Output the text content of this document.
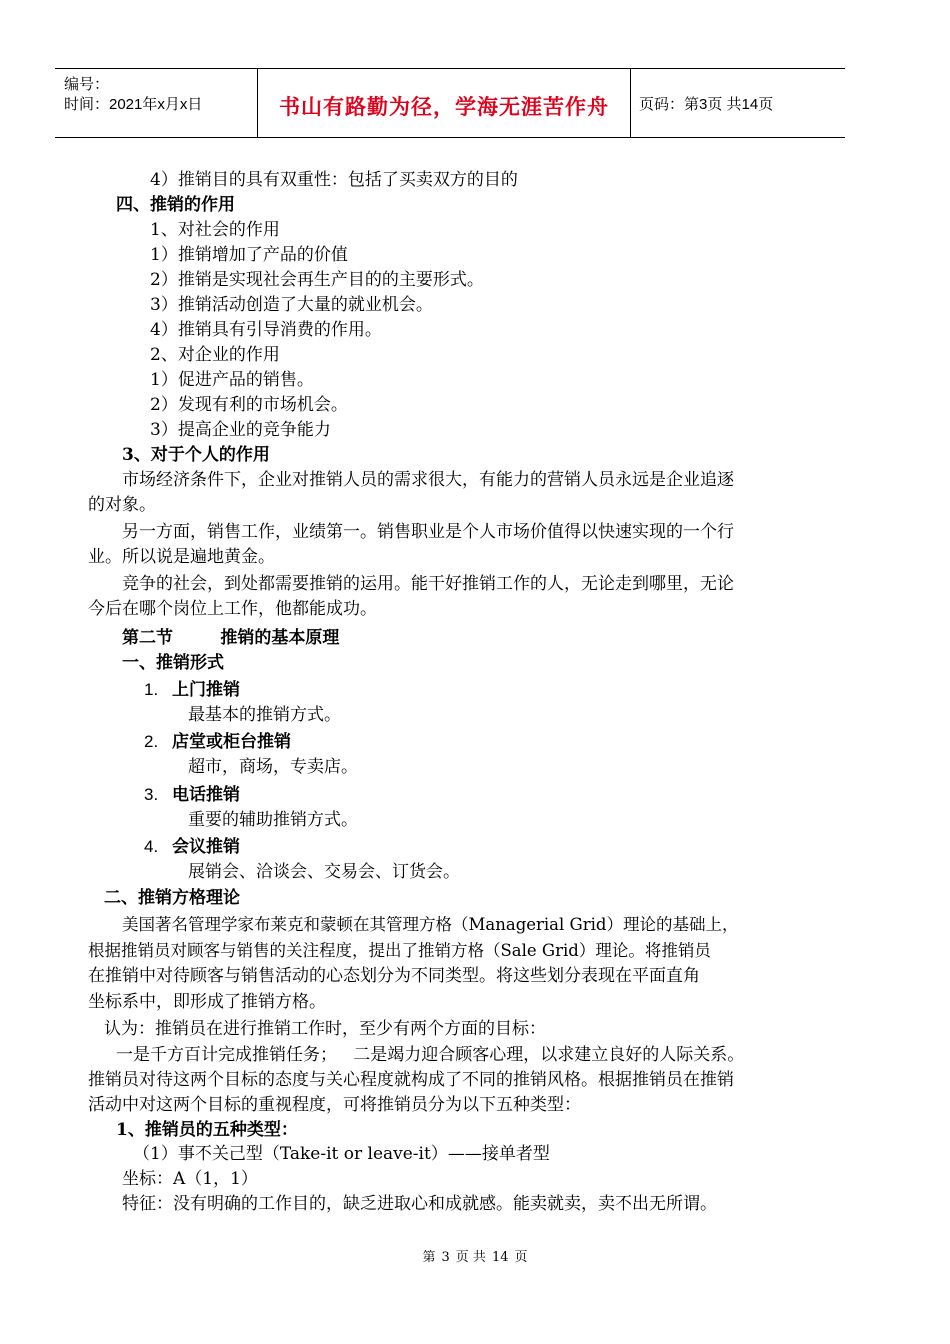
编号：
时间：2021年x月x日	书山有路勤为径，学海无涯苦作舟	页码：第3页 共14页
4）推销目的具有双重性：包括了买卖双方的目的
四、推销的作用
1、对社会的作用
1）推销增加了产品的价值
2）推销是实现社会再生产目的的主要形式。
3）推销活动创造了大量的就业机会。
4）推销具有引导消费的作用。
2、对企业的作用
1）促进产品的销售。
2）发现有利的市场机会。
3）提高企业的竞争能力
3、对于个人的作用
市场经济条件下，企业对推销人员的需求很大，有能力的营销人员永远是企业追逐
的对象。
另一方面，销售工作，业绩第一。销售职业是个人市场价值得以快速实现的一个行
业。所以说是遍地黄金。
竞争的社会，到处都需要推销的运用。能干好推销工作的人，无论走到哪里，无论
今后在哪个岗位上工作，他都能成功。
第二节        推销的基本原理
一、推销形式
1. 上门推销
最基本的推销方式。
2. 店堂或柜台推销
超市，商场，专卖店。
3. 电话推销
重要的辅助推销方式。
4. 会议推销
展销会、洽谈会、交易会、订货会。
二、推销方格理论
美国著名管理学家布莱克和蒙顿在其管理方格（Managerial Grid）理论的基础上，
根据推销员对顾客与销售的关注程度，提出了推销方格（Sale Grid）理论。将推销员
在推销中对待顾客与销售活动的心态划分为不同类型。将这些划分表现在平面直角
坐标系中，即形成了推销方格。
认为：推销员在进行推销工作时，至少有两个方面的目标：
一是千方百计完成推销任务；   二是竭力迎合顾客心理，以求建立良好的人际关系。
推销员对待这两个目标的态度与关心程度就构成了不同的推销风格。根据推销员在推销
活动中对这两个目标的重视程度，可将推销员分为以下五种类型：
1、推销员的五种类型：
（1）事不关己型（Take-it or leave-it）——接单者型
坐标：A（1，1）
特征：没有明确的工作目的，缺乏进取心和成就感。能卖就卖，卖不出无所谓。
第 3 页 共 14 页
